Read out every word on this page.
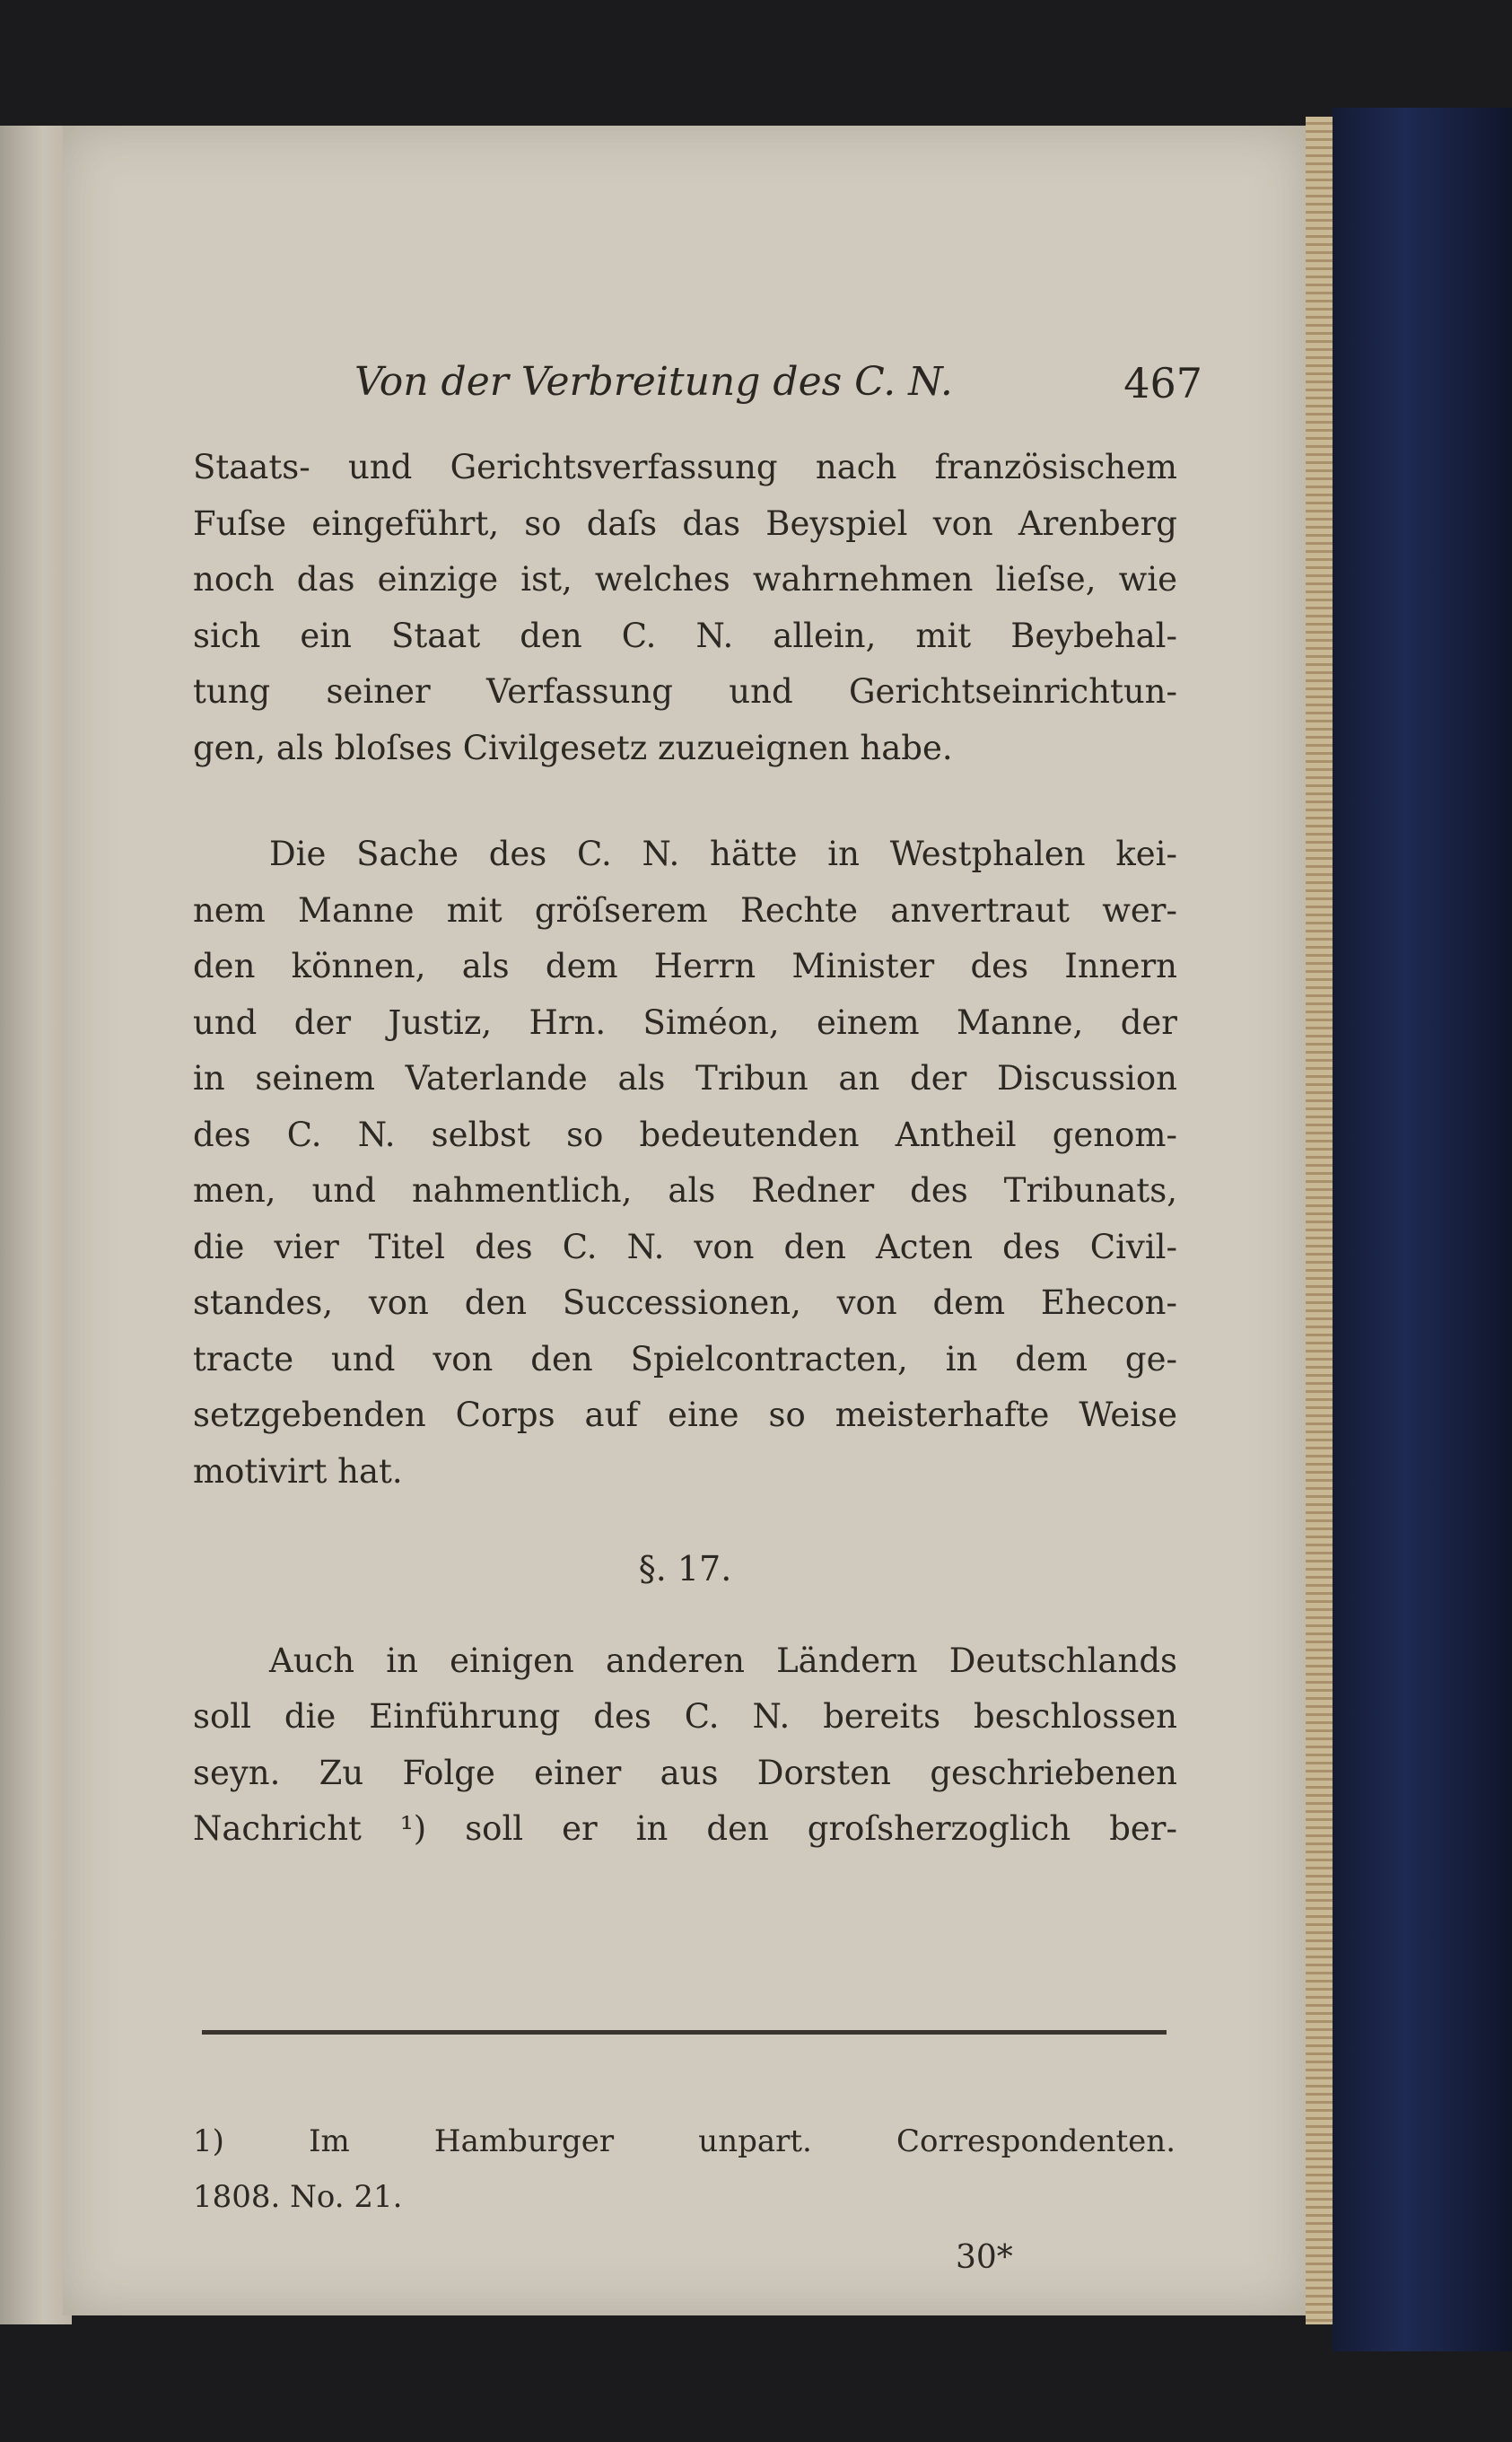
Von der Verbreitung des C. N.	467
Staats- und Gerichtsverfassung nach französischem
Fuſse eingeführt, so daſs das Beyspiel von Arenberg
noch das einzige ist, welches wahrnehmen lieſse, wie
sich ein Staat den C. N. allein, mit Beybehal-
tung seiner Verfassung und Gerichtseinrichtun-
gen, als bloſses Civilgesetz zuzueignen habe.
Die Sache des C. N. hätte in Westphalen kei-
nem Manne mit gröſserem Rechte anvertraut wer-
den können, als dem Herrn Minister des Innern
und der Justiz, Hrn. Siméon, einem Manne, der
in seinem Vaterlande als Tribun an der Discussion
des C. N. selbst so bedeutenden Antheil genom-
men, und nahmentlich, als Redner des Tribunats,
die vier Titel des C. N. von den Acten des Civil-
standes, von den Successionen, von dem Ehecon-
tracte und von den Spielcontracten, in dem ge-
setzgebenden Corps auf eine so meisterhafte Weise
motivirt hat.
§. 17.
Auch in einigen anderen Ländern Deutschlands
soll die Einführung des C. N. bereits beschlossen
seyn. Zu Folge einer aus Dorsten geschriebenen
Nachricht ¹) soll er in den groſsherzoglich ber-
1) Im Hamburger unpart. Correspondenten.
1808. No. 21.
30*
